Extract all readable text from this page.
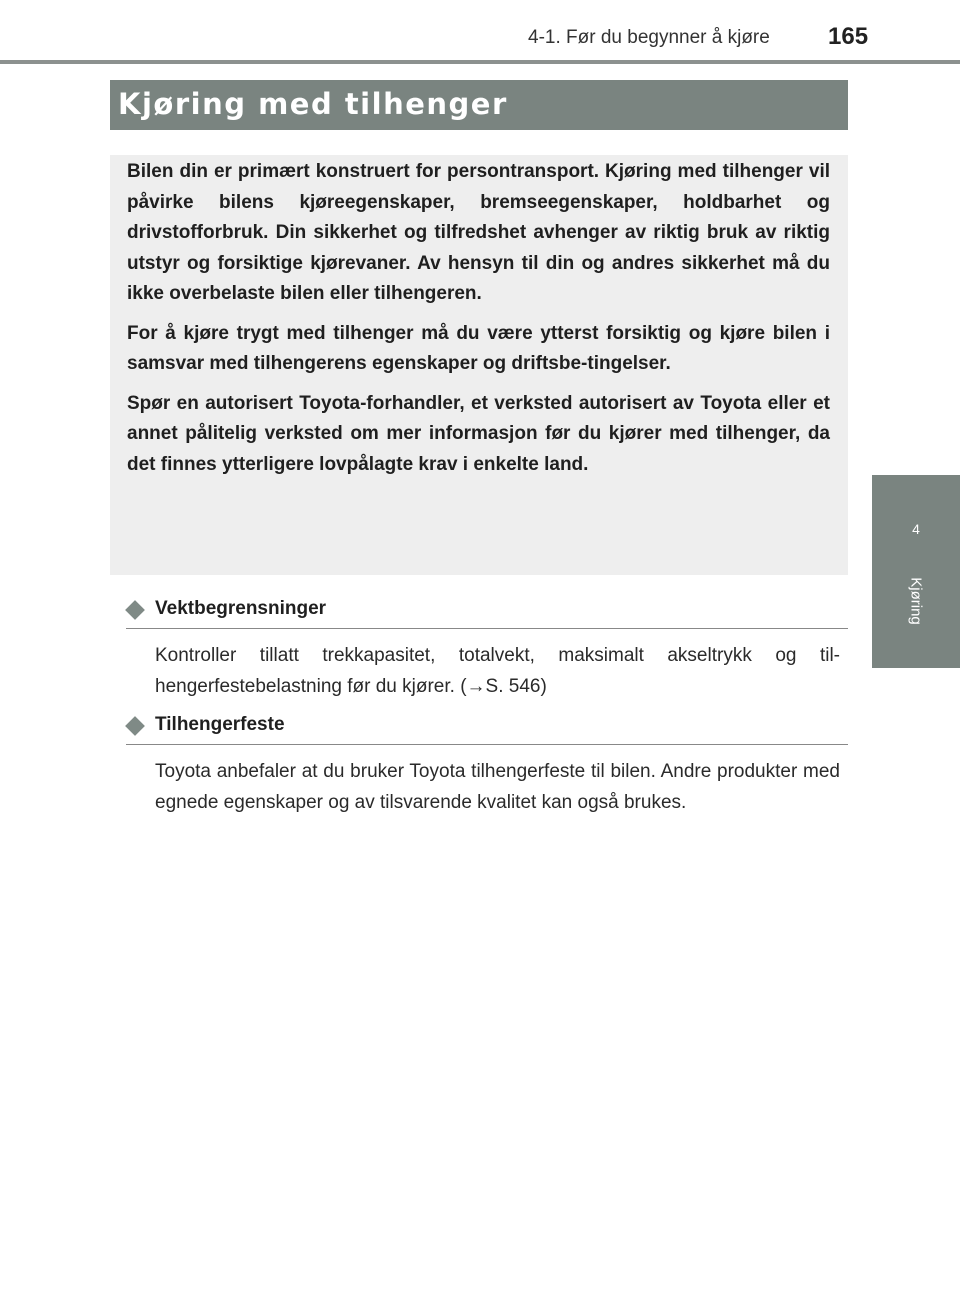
4-1. Før du begynner å kjøre 165
4
Kjøring
Kjøring med tilhenger

Bilen din er primært konstruert for persontransport. Kjøring med tilhenger vil påvirke bilens kjøreegenskaper, bremseegenskaper, holdbarhet og drivstofforbruk. Din sikkerhet og tilfredshet avhenger av riktig bruk av riktig utstyr og forsiktige kjørevaner. Av hensyn til din og andres sikkerhet må du ikke overbelaste bilen eller tilhengeren.

For å kjøre trygt med tilhenger må du være ytterst forsiktig og kjøre bilen i samsvar med tilhengerens egenskaper og driftsbe-tingelser.

Spør en autorisert Toyota-forhandler, et verksted autorisert av Toyota eller et annet pålitelig verksted om mer informasjon før du kjører med tilhenger, da det finnes ytterligere lovpålagte krav i enkelte land.

Vektbegrensninger

Kontroller tillatt trekkapasitet, totalvekt, maksimalt akseltrykk og til-hengerfestebelastning før du kjører. (→S. 546)

Tilhengerfeste

Toyota anbefaler at du bruker Toyota tilhengerfeste til bilen. Andre produkter med egnede egenskaper og av tilsvarende kvalitet kan også brukes.
